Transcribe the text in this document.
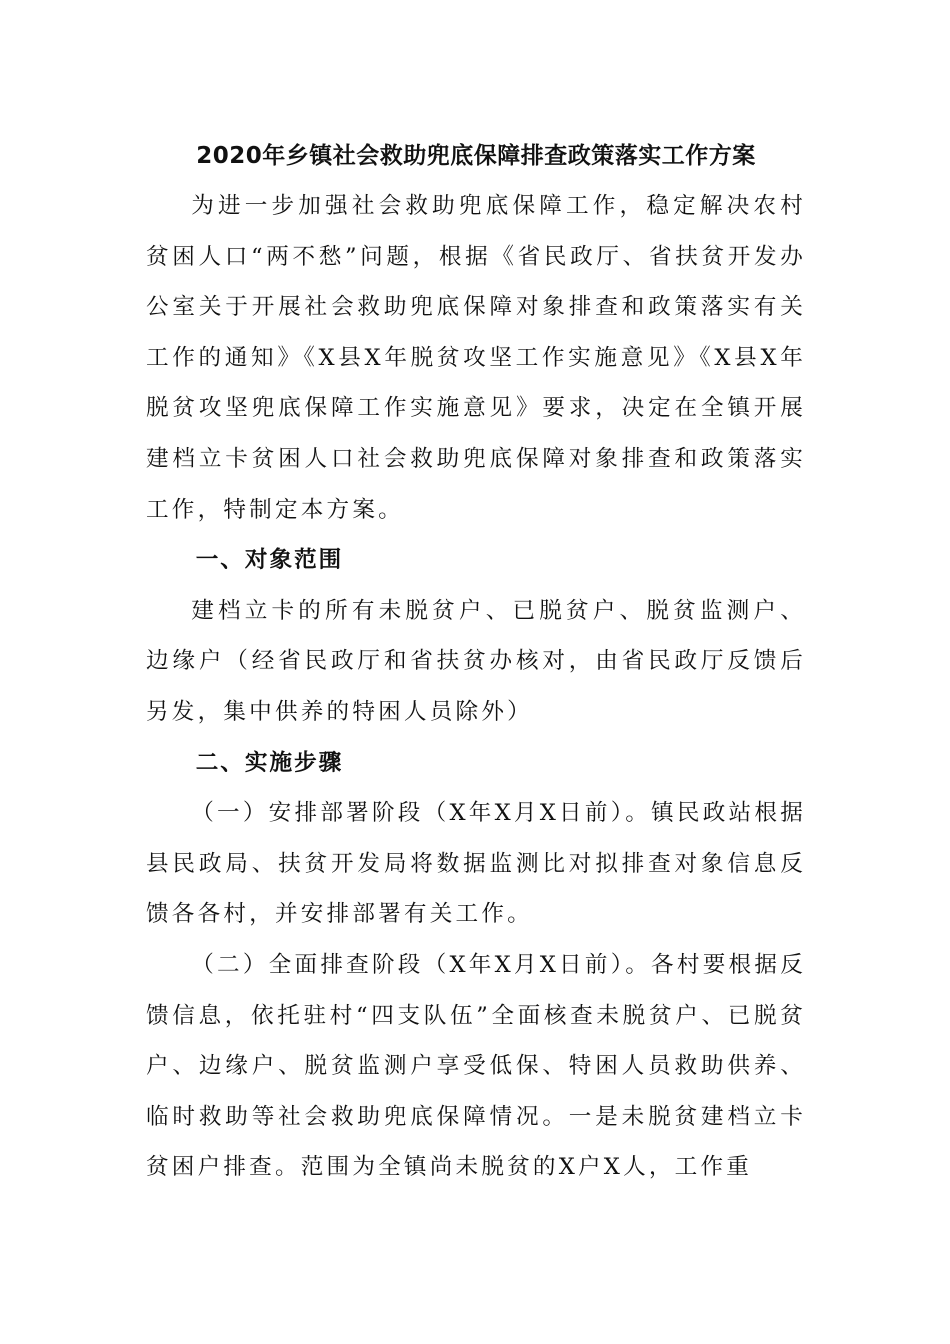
2020年乡镇社会救助兜底保障排查政策落实工作方案

为进一步加强社会救助兜底保障工作，稳定解决农村贫困人口“两不愁”问题，根据《省民政厅、省扶贫开发办公室关于开展社会救助兜底保障对象排查和政策落实有关工作的通知》《X县X年脱贫攻坚工作实施意见》《X县X年脱贫攻坚兜底保障工作实施意见》要求，决定在全镇开展建档立卡贫困人口社会救助兜底保障对象排查和政策落实工作，特制定本方案。

一、对象范围

建档立卡的所有未脱贫户、已脱贫户、脱贫监测户、边缘户（经省民政厅和省扶贫办核对，由省民政厅反馈后另发，集中供养的特困人员除外）

二、实施步骤

（一）安排部署阶段（X年X月X日前）。镇民政站根据县民政局、扶贫开发局将数据监测比对拟排查对象信息反馈各各村，并安排部署有关工作。

（二）全面排查阶段（X年X月X日前）。各村要根据反馈信息，依托驻村“四支队伍”全面核查未脱贫户、已脱贫户、边缘户、脱贫监测户享受低保、特困人员救助供养、临时救助等社会救助兜底保障情况。一是未脱贫建档立卡贫困户排查。范围为全镇尚未脱贫的X户X人，工作重
